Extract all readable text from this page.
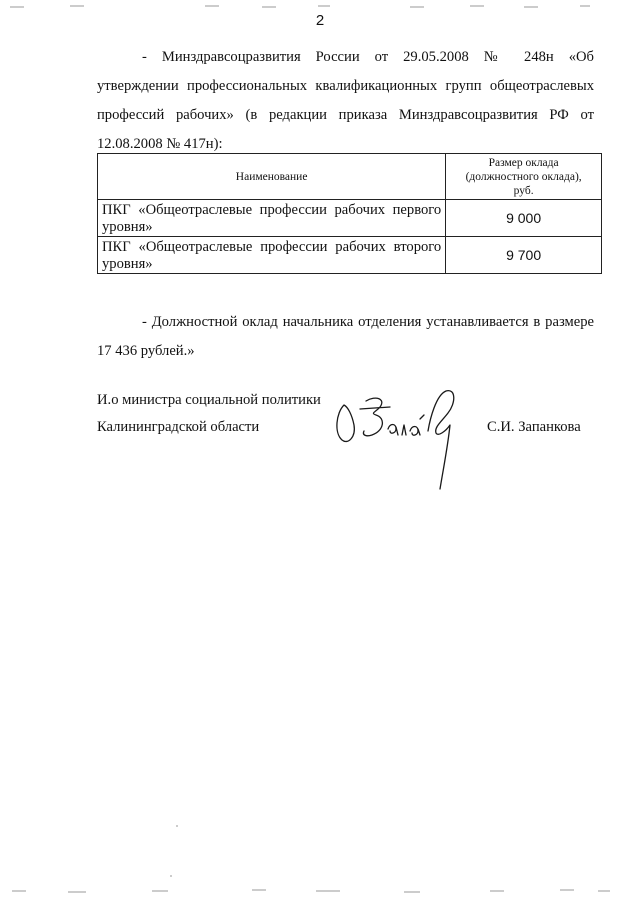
2
- Минздравсоцразвития России от 29.05.2008 № 248н «Об
утверждении профессиональных квалификационных групп общеотраслевых
профессий рабочих» (в редакции приказа Минздравсоцразвития РФ от
12.08.2008 № 417н):
Наименование	Размер оклада
(должностного оклада),
руб.

ПКГ «Общеотраслевые профессии рабочих первого уровня»	9 000
ПКГ «Общеотраслевые профессии рабочих второго уровня»	9 700
- Должностной оклад начальника отделения устанавливается в размере
17 436 рублей.»
И.о министра социальной политики
Калининградской области	С.И. Запанкова
